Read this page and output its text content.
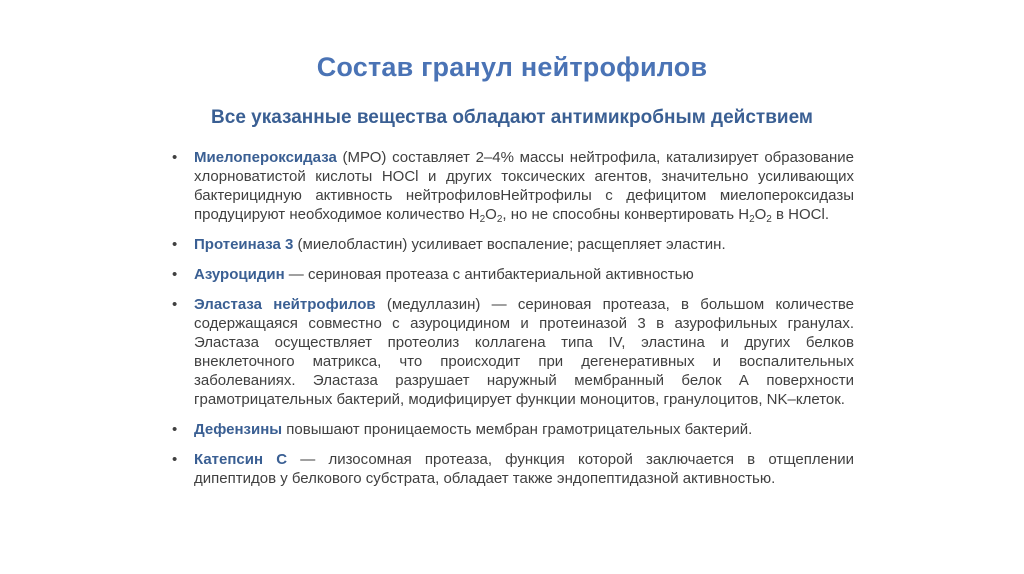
Состав гранул нейтрофилов
Все указанные вещества обладают антимикробным действием
• Миелопероксидаза (МРО) составляет 2–4% массы нейтрофила, катализирует образование хлорноватистой кислоты HOCl и других токсических агентов, значительно усиливающих бактерицидную активность нейтрофиловНейтрофилы с дефицитом миелопероксидазы продуцируют необходимое количество $H_2O_2$, но не способны конвертировать $H_2O_2$ в HOCl.
• Протеиназа 3 (миелобластин) усиливает воспаление; расщепляет эластин.
• Азуроцидин — сериновая протеаза с антибактериальной активностью
• Эластаза нейтрофилов (медуллазин) — сериновая протеаза, в большом количестве содержащаяся совместно с азуроцидином и протеиназой 3 в азурофильных гранулах. Эластаза осуществляет протеолиз коллагена типа IV, эластина и других белков внеклеточного матрикса, что происходит при дегенеративных и воспалительных заболеваниях. Эластаза разрушает наружный мембранный белок А поверхности грамотрицательных бактерий, модифицирует функции моноцитов, гранулоцитов, NK–клеток.
• Дефензины повышают проницаемость мембран грамотрицательных бактерий.
• Катепсин С — лизосомная протеаза, функция которой заключается в отщеплении дипептидов у белкового субстрата, обладает также эндопептидазной активностью.
